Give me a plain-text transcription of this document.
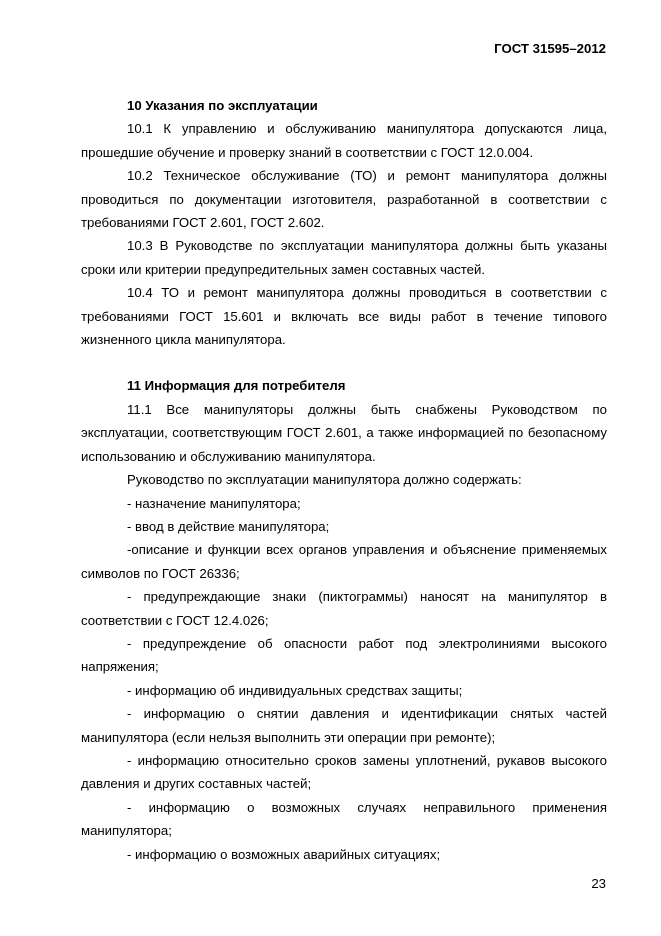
ГОСТ 31595–2012

10 Указания по эксплуатации

10.1 К управлению и обслуживанию манипулятора допускаются лица, прошедшие обучение и проверку знаний в соответствии с ГОСТ 12.0.004.

10.2 Техническое обслуживание (ТО) и ремонт манипулятора должны проводиться по документации изготовителя, разработанной в соответствии с требованиями ГОСТ 2.601, ГОСТ 2.602.

10.3 В Руководстве по эксплуатации манипулятора должны быть указаны сроки или критерии предупредительных замен составных частей.

10.4 ТО и ремонт манипулятора должны проводиться в соответствии с требованиями ГОСТ 15.601 и включать все виды работ в течение типового жизненного цикла манипулятора.

11 Информация для потребителя

11.1 Все манипуляторы должны быть снабжены Руководством по эксплуатации, соответствующим ГОСТ 2.601, а также информацией по безопасному использованию и обслуживанию манипулятора.

Руководство по эксплуатации манипулятора должно содержать:

- назначение манипулятора;

- ввод в действие манипулятора;

-описание и функции всех органов управления и объяснение применяемых символов по ГОСТ 26336;

- предупреждающие знаки (пиктограммы) наносят на манипулятор в соответствии с ГОСТ 12.4.026;

- предупреждение об опасности работ под электролиниями высокого напряжения;

- информацию об индивидуальных средствах защиты;

- информацию о снятии давления и идентификации снятых частей манипулятора (если нельзя выполнить эти операции при ремонте);

- информацию относительно сроков замены уплотнений, рукавов высокого давления и других составных частей;

- информацию о возможных случаях неправильного применения манипулятора;

- информацию о возможных аварийных ситуациях;

23
